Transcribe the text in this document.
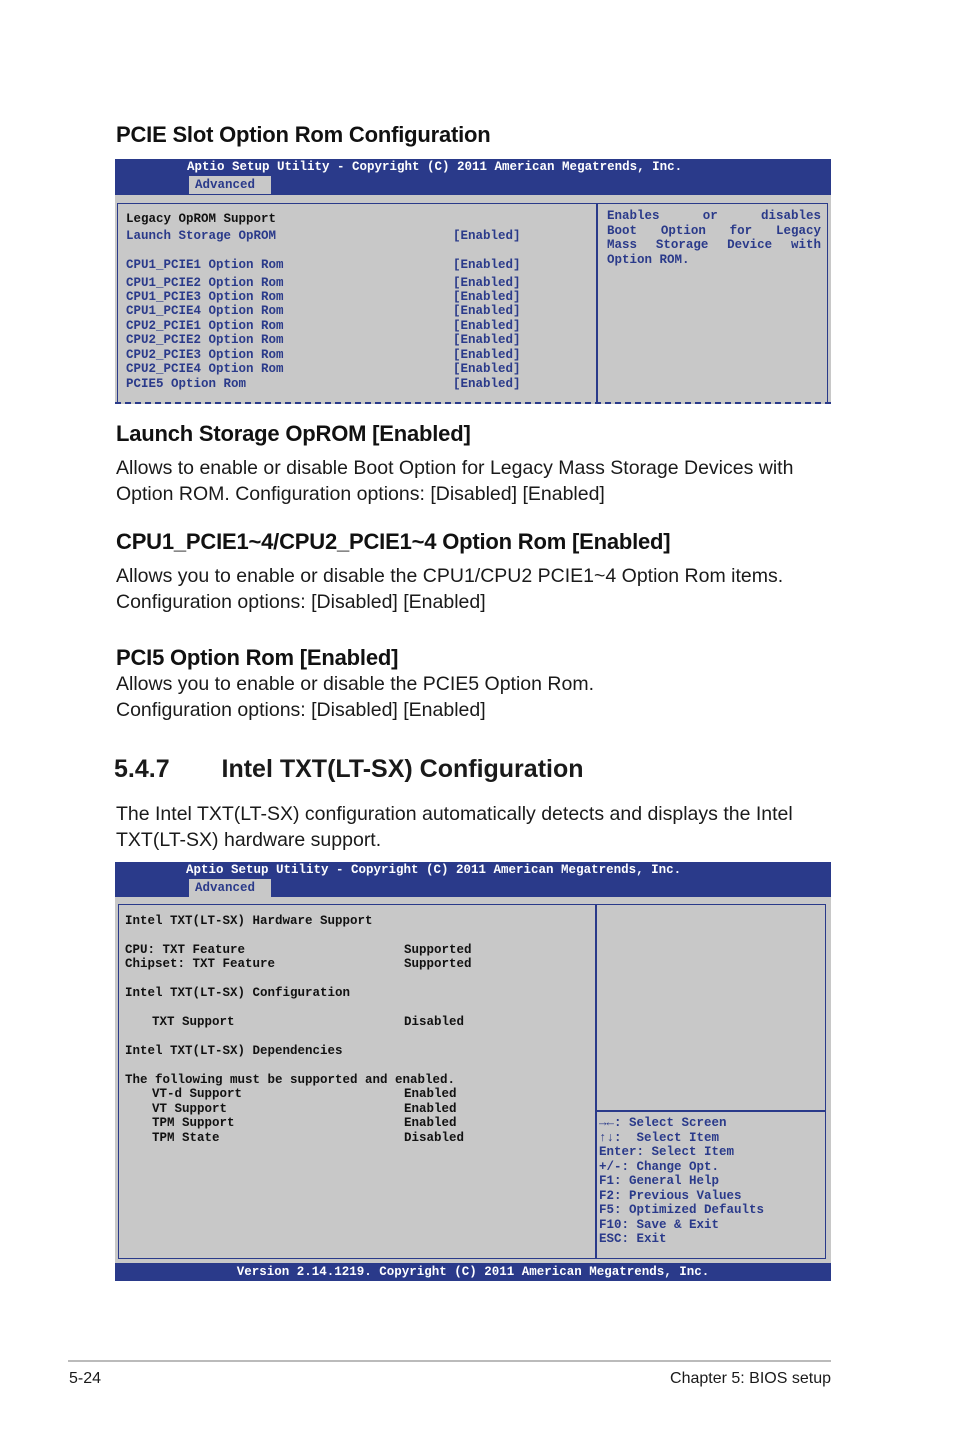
PCIE Slot Option Rom Configuration
Aptio Setup Utility - Copyright (C) 2011 American Megatrends, Inc.
Advanced
Legacy OpROM Support
Launch Storage OpROM	[Enabled]
CPU1_PCIE1 Option Rom	[Enabled]
CPU1_PCIE2 Option Rom	[Enabled]
CPU1_PCIE3 Option Rom	[Enabled]
CPU1_PCIE4 Option Rom	[Enabled]
CPU2_PCIE1 Option Rom	[Enabled]
CPU2_PCIE2 Option Rom	[Enabled]
CPU2_PCIE3 Option Rom	[Enabled]
CPU2_PCIE4 Option Rom	[Enabled]
PCIE5 Option Rom	[Enabled]
Enables or disables
Boot Option for Legacy
Mass Storage Device with
Option ROM.
Launch Storage OpROM [Enabled]

Allows to enable or disable Boot Option for Legacy Mass Storage Devices with
Option ROM. Configuration options: [Disabled] [Enabled]

CPU1_PCIE1~4/CPU2_PCIE1~4 Option Rom [Enabled]

Allows you to enable or disable the CPU1/CPU2 PCIE1~4 Option Rom items.
Configuration options: [Disabled] [Enabled]

PCI5 Option Rom [Enabled]

Allows you to enable or disable the PCIE5 Option Rom.
Configuration options: [Disabled] [Enabled]

5.4.7 Intel TXT(LT-SX) Configuration

The Intel TXT(LT-SX) configuration automatically detects and displays the Intel
TXT(LT-SX) hardware support.

Aptio Setup Utility - Copyright (C) 2011 American Megatrends, Inc.
Advanced
Intel TXT(LT-SX) Hardware Support
CPU: TXT Feature	Supported
Chipset: TXT Feature	Supported
Intel TXT(LT-SX) Configuration
TXT Support	Disabled
Intel TXT(LT-SX) Dependencies
The following must be supported and enabled.
VT-d Support	Enabled
VT Support	Enabled
TPM Support	Enabled
TPM State	Disabled
→←: Select Screen
↑↓:  Select Item
Enter: Select Item
+/-: Change Opt.
F1: General Help
F2: Previous Values
F5: Optimized Defaults
F10: Save & Exit
ESC: Exit
Version 2.14.1219. Copyright (C) 2011 American Megatrends, Inc.
5-24	Chapter 5: BIOS setup
